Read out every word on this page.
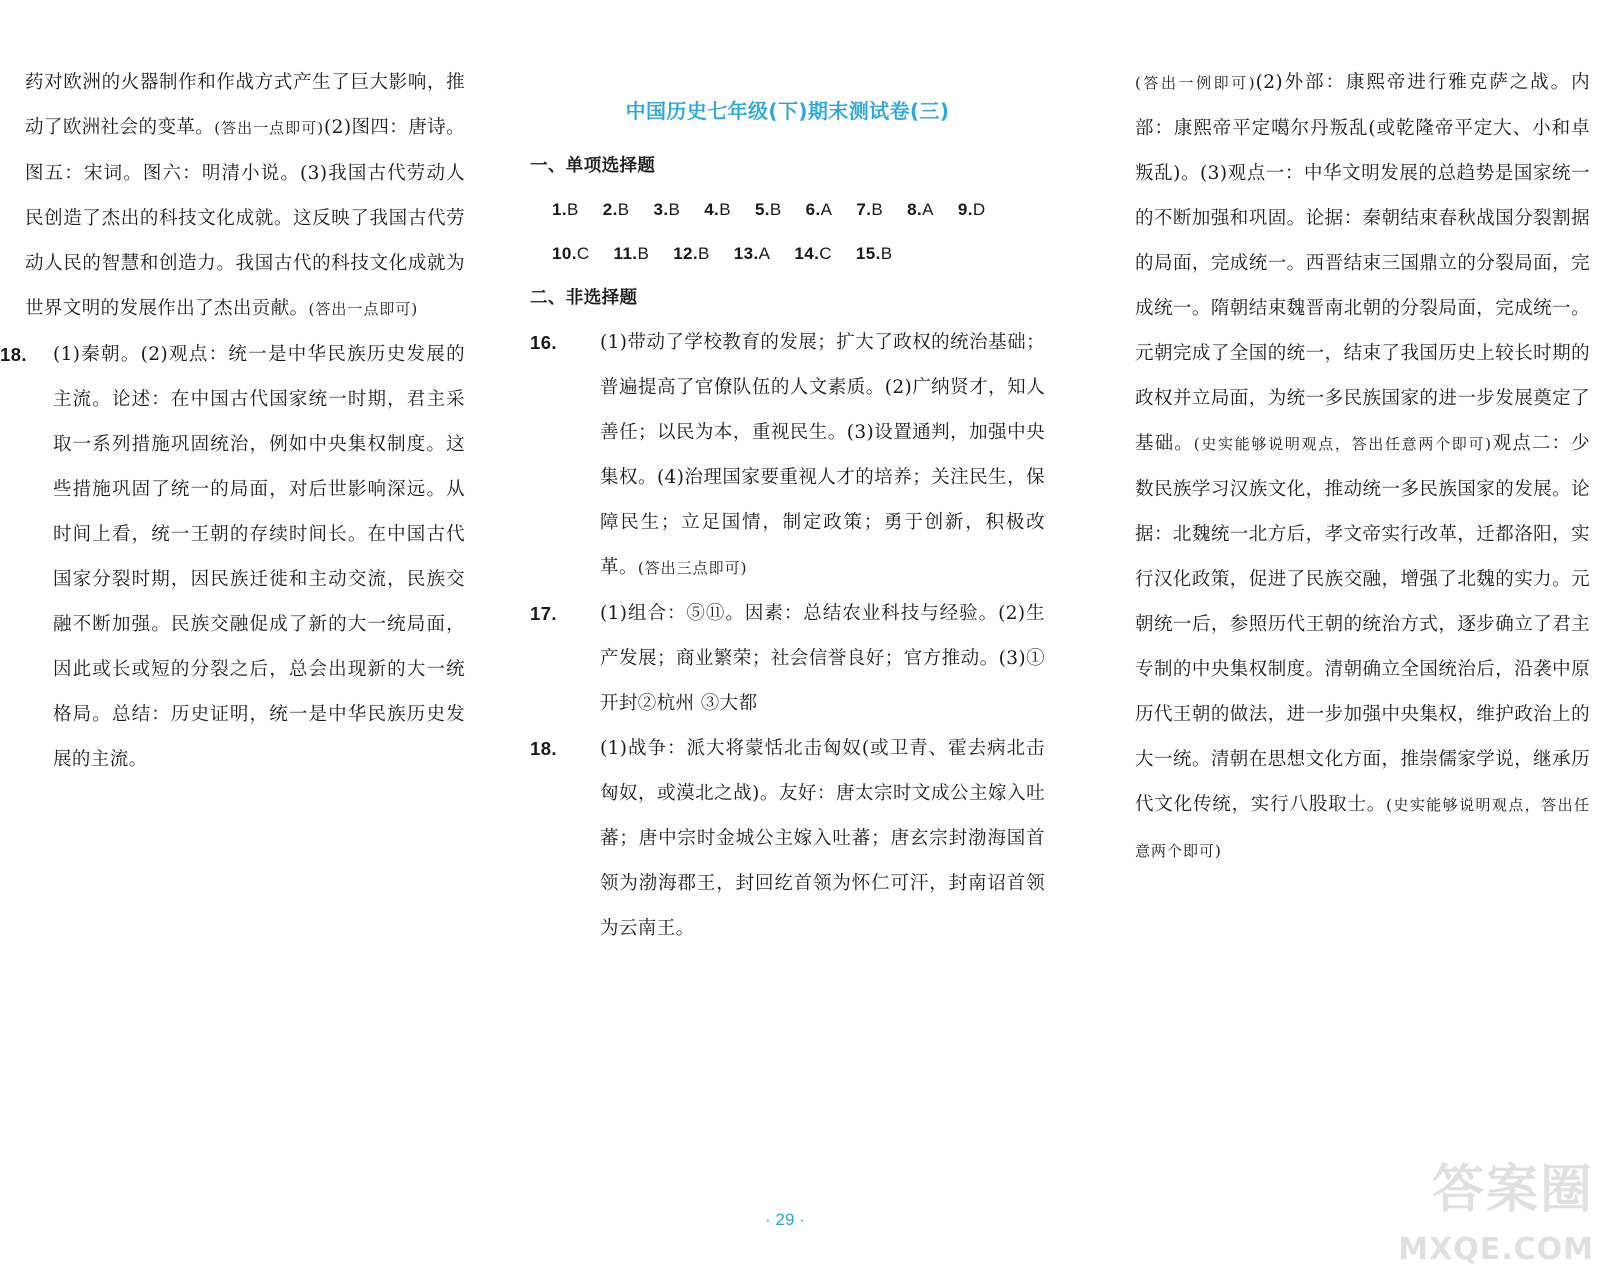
药对欧洲的火器制作和作战方式产生了巨大影响，推动了欧洲社会的变革。(答出一点即可)(2)图四：唐诗。图五：宋词。图六：明清小说。(3)我国古代劳动人民创造了杰出的科技文化成就。这反映了我国古代劳动人民的智慧和创造力。我国古代的科技文化成就为世界文明的发展作出了杰出贡献。(答出一点即可)

18. (1)秦朝。(2)观点：统一是中华民族历史发展的主流。论述：在中国古代国家统一时期，君主采取一系列措施巩固统治，例如中央集权制度。这些措施巩固了统一的局面，对后世影响深远。从时间上看，统一王朝的存续时间长。在中国古代国家分裂时期，因民族迁徙和主动交流，民族交融不断加强。民族交融促成了新的大一统局面，因此或长或短的分裂之后，总会出现新的大一统格局。总结：历史证明，统一是中华民族历史发展的主流。

中国历史七年级(下)期末测试卷(三)

一、单项选择题

1.B 2.B 3.B 4.B 5.B 6.A 7.B 8.A 9.D
10.C 11.B 12.B 13.A 14.C 15.B

二、非选择题

16.	(1)带动了学校教育的发展；扩大了政权的统治基础；普遍提高了官僚队伍的人文素质。(2)广纳贤才，知人善任；以民为本，重视民生。(3)设置通判，加强中央集权。(4)治理国家要重视人才的培养；关注民生，保障民生；立足国情，制定政策；勇于创新，积极改革。(答出三点即可)

17.	(1)组合：⑤⑪。因素：总结农业科技与经验。(2)生产发展；商业繁荣；社会信誉良好；官方推动。(3)①开封②杭州 ③大都

18.	(1)战争：派大将蒙恬北击匈奴(或卫青、霍去病北击匈奴，或漠北之战)。友好：唐太宗时文成公主嫁入吐蕃；唐中宗时金城公主嫁入吐蕃；唐玄宗封渤海国首领为渤海郡王，封回纥首领为怀仁可汗，封南诏首领为云南王。

(答出一例即可)(2)外部：康熙帝进行雅克萨之战。内部：康熙帝平定噶尔丹叛乱(或乾隆帝平定大、小和卓叛乱)。(3)观点一：中华文明发展的总趋势是国家统一的不断加强和巩固。论据：秦朝结束春秋战国分裂割据的局面，完成统一。西晋结束三国鼎立的分裂局面，完成统一。隋朝结束魏晋南北朝的分裂局面，完成统一。元朝完成了全国的统一，结束了我国历史上较长时期的政权并立局面，为统一多民族国家的进一步发展奠定了基础。(史实能够说明观点，答出任意两个即可)观点二：少数民族学习汉族文化，推动统一多民族国家的发展。论据：北魏统一北方后，孝文帝实行改革，迁都洛阳，实行汉化政策，促进了民族交融，增强了北魏的实力。元朝统一后，参照历代王朝的统治方式，逐步确立了君主专制的中央集权制度。清朝确立全国统治后，沿袭中原历代王朝的做法，进一步加强中央集权，维护政治上的大一统。清朝在思想文化方面，推崇儒家学说，继承历代文化传统，实行八股取士。(史实能够说明观点，答出任意两个即可)

· 29 ·	答案圈
MXQE.COM
